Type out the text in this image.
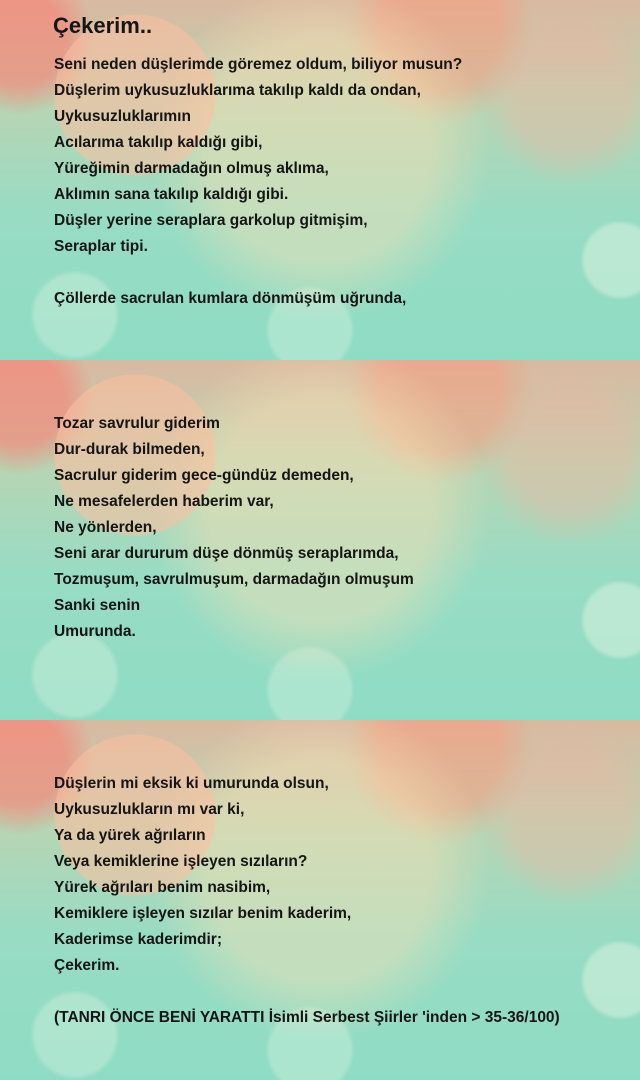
Çekerim..
Seni neden düşlerimde göremez oldum, biliyor musun?
Düşlerim uykusuzluklarıma takılıp kaldı da ondan,
Uykusuzluklarımın
Acılarıma takılıp kaldığı gibi,
Yüreğimin darmadağın olmuş aklıma,
Aklımın sana takılıp kaldığı gibi.
Düşler yerine seraplara garkolup gitmişim,
Seraplar tipi.
Çöllerde sacrulan kumlara dönmüşüm uğrunda,
Tozar savrulur giderim
Dur-durak bilmeden,
Sacrulur giderim gece-gündüz demeden,
Ne mesafelerden haberim var,
Ne yönlerden,
Seni arar dururum düşe dönmüş seraplarımda,
Tozmuşum, savrulmuşum, darmadağın olmuşum
Sanki senin
Umurunda.
Düşlerin mi eksik ki umurunda olsun,
Uykusuzlukların mı var ki,
Ya da yürek ağrıların
Veya kemiklerine işleyen sızıların?
Yürek ağrıları benim nasibim,
Kemiklere işleyen sızılar benim kaderim,
Kaderimse kaderimdir;
Çekerim.
(TANRI ÖNCE BENİ YARATTI İsimli Serbest Şiirler 'inden > 35-36/100)
